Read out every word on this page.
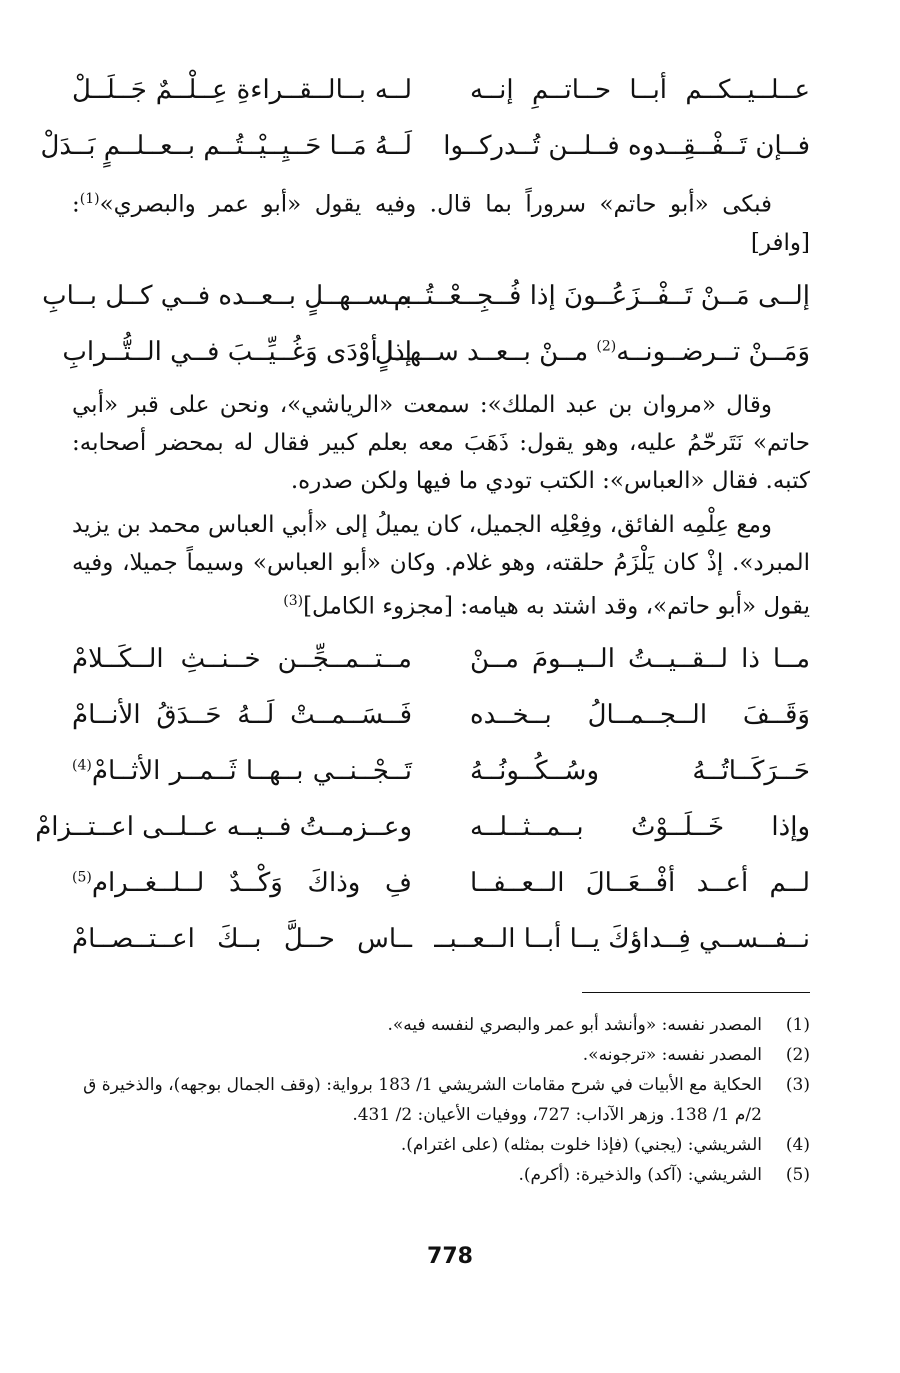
عــلــيــكــم أبــا حــاتــمِ إنــه
لــه بــالــقــراءةِ عِــلْــمٌ جَــلَــلْ
فــإن تَــفْــقِــدوه فــلــن تُــدركــوا
لَــهُ مَــا حَــيِــيْــتُــم بــعــلــمٍ بَــدَلْ

فبكى «أبو حاتم» سروراً بما قال. وفيه يقول «أبو عمر والبصري»$^{(1)}$: [وافر]

إلــى مَــنْ تَــفْــزَعُــونَ إذا فُــجِــعْــتُــم
بــســهــلٍ بــعــده فــي كــل بــابِ
وَمَــنْ تــرضــونــه$^{(2)}$ مــنْ بــعــد ســهــلٍ
إذا أوْدَى وَغُــيِّــبَ فــي الــتُّــرابِ

وقال «مروان بن عبد الملك»: سمعت «الرياشي»، ونحن على قبر «أبي حاتم» نَتَرحّمُ عليه، وهو يقول: ذَهَبَ معه بعلم كبير فقال له بمحضر أصحابه: كتبه. فقال «العباس»: الكتب تودي ما فيها ولكن صدره.

ومع عِلْمِه الفائق، وفِعْلِه الجميل، كان يميلُ إلى «أبي العباس محمد بن يزيد المبرد». إذْ كان يَلْزَمُ حلقته، وهو غلام. وكان «أبو العباس» وسيماً جميلا، وفيه يقول «أبو حاتم»، وقد اشتد به هيامه: [مجزوء الكامل]$^{(3)}$

مــا ذا لــقــيــتُ الــيــومَ مــنْ
مــتــمــجِّــن خــنــثِ الــكَــلامْ
وَقَــفَ الــجــمــالُ بــخــده
فَــسَــمــتْ لَــهُ حَــدَقُ الأنــامْ
حَــرَكَــاتُــهُ وسُــكُــونُــهُ
تَــجْــنــي بــهــا ثَــمــر الأثــامْ$^{(4)}$
وإذا خَــلَــوْتُ بــمــثــلــه
وعــزمــتُ فــيــه عــلــى اعــتــزامْ
لــم أعــد أفْــعَــالَ الــعــفــا
فِ وذاكَ وَكْــدٌ لــلــغــرام$^{(5)}$
نــفــســي فِــداؤكَ يــا أبــا الــعــبــ
ــاس حــلَّ بــكَ اعــتــصــامْ
(1)
المصدر نفسه: «وأنشد أبو عمر والبصري لنفسه فيه».
(2)
المصدر نفسه: «ترجونه».
(3)
الحكاية مع الأبيات في شرح مقامات الشريشي 1/ 183 برواية: (وقف الجمال بوجهه)، والذخيرة ق 2/م 1/ 138. وزهر الآداب: 727، ووفيات الأعيان: 2/ 431.
(4)
الشريشي: (يجني) (فإذا خلوت بمثله) (على اغترام).
(5)
الشريشي: (آكد) والذخيرة: (أكرم).
778
